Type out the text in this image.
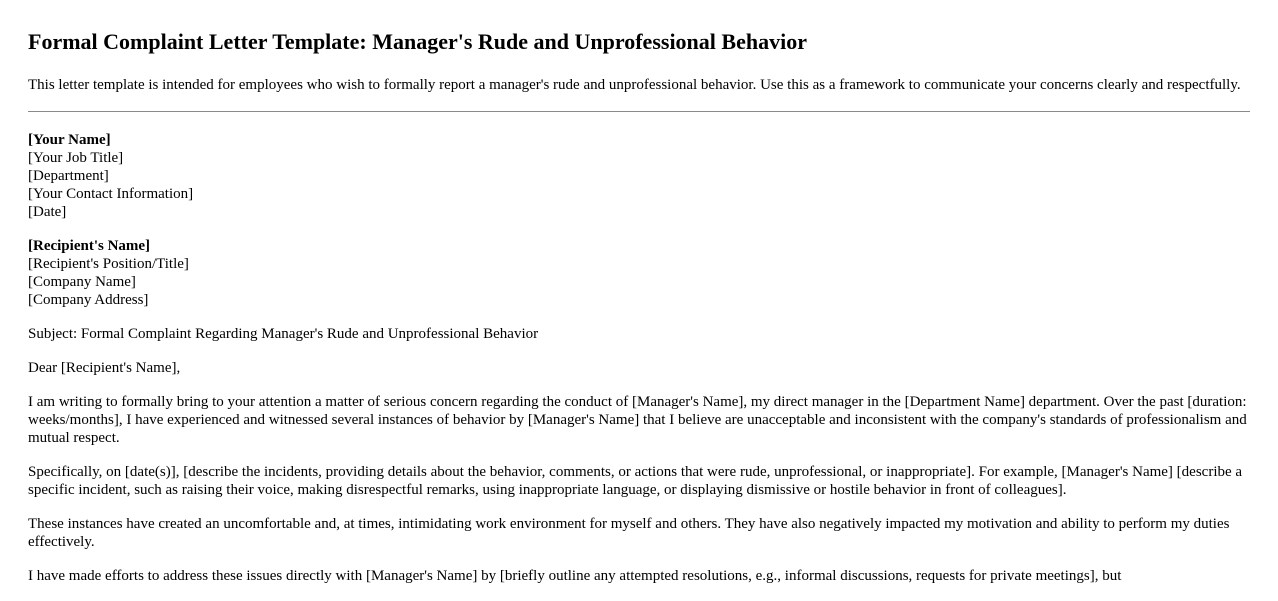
Formal Complaint Letter Template: Manager's Rude and Unprofessional Behavior

This letter template is intended for employees who wish to formally report a manager's rude and unprofessional behavior. Use this as a framework to communicate your concerns clearly and respectfully.

[Your Name]
[Your Job Title]
[Department]
[Your Contact Information]
[Date]
[Recipient's Name]
[Recipient's Position/Title]
[Company Name]
[Company Address]

Subject: Formal Complaint Regarding Manager's Rude and Unprofessional Behavior

Dear [Recipient's Name],

I am writing to formally bring to your attention a matter of serious concern regarding the conduct of [Manager's Name], my direct manager in the [Department Name] department. Over the past [duration: weeks/months], I have experienced and witnessed several instances of behavior by [Manager's Name] that I believe are unacceptable and inconsistent with the company's standards of professionalism and mutual respect.

Specifically, on [date(s)], [describe the incidents, providing details about the behavior, comments, or actions that were rude, unprofessional, or inappropriate]. For example, [Manager's Name] [describe a specific incident, such as raising their voice, making disrespectful remarks, using inappropriate language, or displaying dismissive or hostile behavior in front of colleagues].

These instances have created an uncomfortable and, at times, intimidating work environment for myself and others. They have also negatively impacted my motivation and ability to perform my duties effectively.

I have made efforts to address these issues directly with [Manager's Name] by [briefly outline any attempted resolutions, e.g., informal discussions, requests for private meetings], but
